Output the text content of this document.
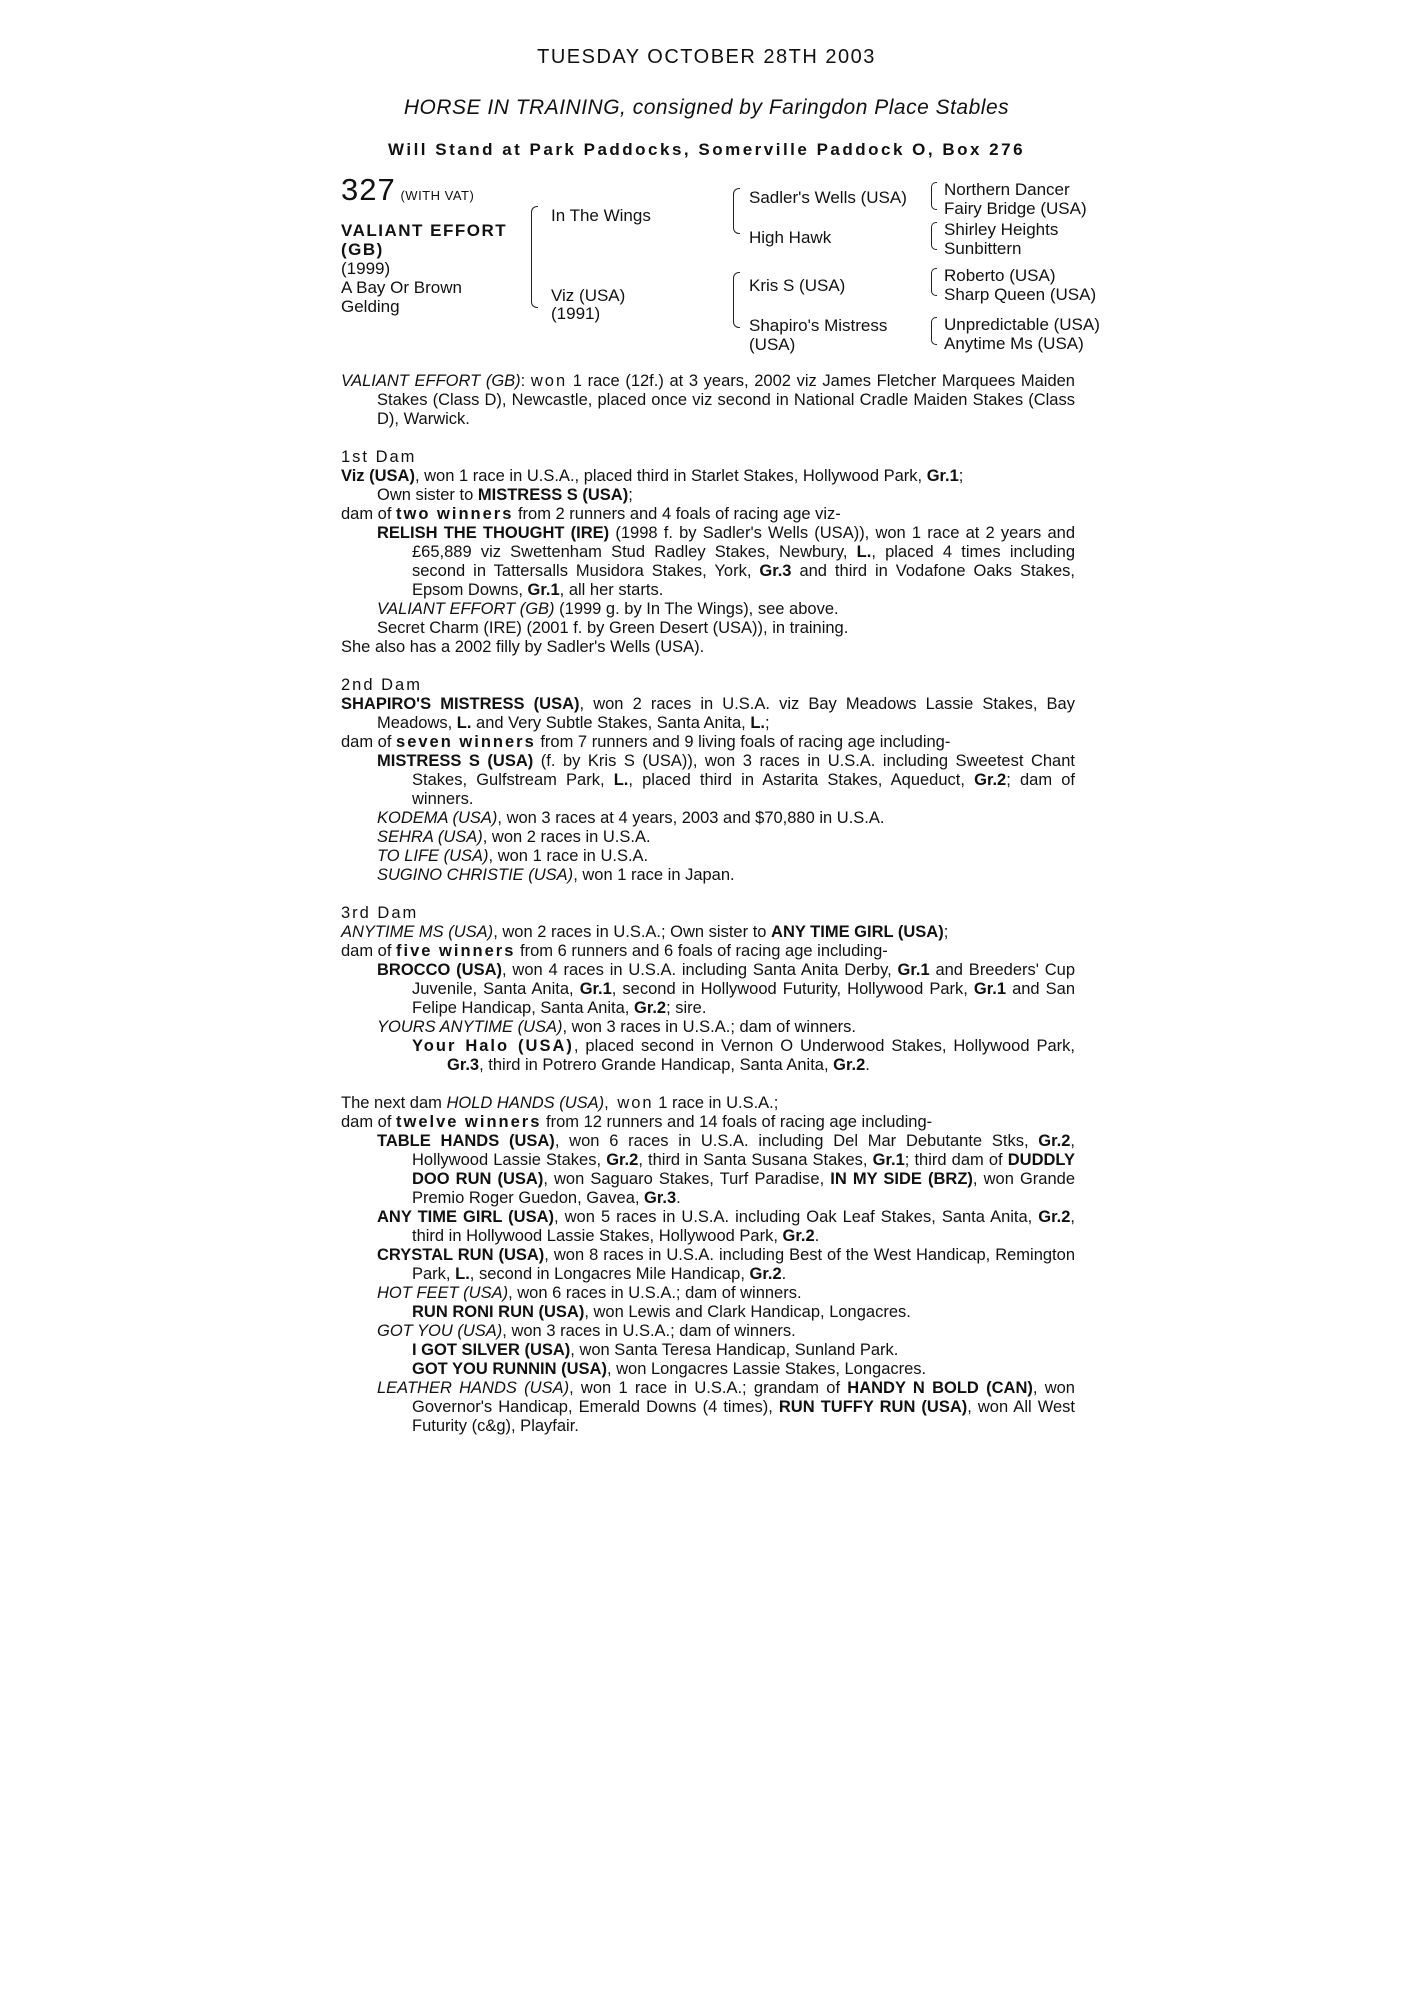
TUESDAY OCTOBER 28TH 2003
HORSE IN TRAINING, consigned by Faringdon Place Stables
Will Stand at Park Paddocks, Somerville Paddock O, Box 276
327 (WITH VAT)
VALIANT EFFORT
(GB)
(1999)
A Bay Or Brown
Gelding
In The Wings
Viz (USA)
(1991)
Sadler's Wells (USA)
High Hawk
Kris S (USA)
Shapiro's Mistress
(USA)
Northern Dancer
Fairy Bridge (USA)
Shirley Heights
Sunbittern
Roberto (USA)
Sharp Queen (USA)
Unpredictable (USA)
Anytime Ms (USA)

VALIANT EFFORT (GB): won 1 race (12f.) at 3 years, 2002 viz James Fletcher Marquees Maiden Stakes (Class D), Newcastle, placed once viz second in National Cradle Maiden Stakes (Class D), Warwick.

1st Dam

Viz (USA), won 1 race in U.S.A., placed third in Starlet Stakes, Hollywood Park, Gr.1;

Own sister to MISTRESS S (USA);

dam of two winners from 2 runners and 4 foals of racing age viz-

RELISH THE THOUGHT (IRE) (1998 f. by Sadler's Wells (USA)), won 1 race at 2 years and £65,889 viz Swettenham Stud Radley Stakes, Newbury, L., placed 4 times including second in Tattersalls Musidora Stakes, York, Gr.3 and third in Vodafone Oaks Stakes, Epsom Downs, Gr.1, all her starts.

VALIANT EFFORT (GB) (1999 g. by In The Wings), see above.

Secret Charm (IRE) (2001 f. by Green Desert (USA)), in training.

She also has a 2002 filly by Sadler's Wells (USA).

2nd Dam

SHAPIRO'S MISTRESS (USA), won 2 races in U.S.A. viz Bay Meadows Lassie Stakes, Bay Meadows, L. and Very Subtle Stakes, Santa Anita, L.;

dam of seven winners from 7 runners and 9 living foals of racing age including-

MISTRESS S (USA) (f. by Kris S (USA)), won 3 races in U.S.A. including Sweetest Chant Stakes, Gulfstream Park, L., placed third in Astarita Stakes, Aqueduct, Gr.2; dam of winners.

KODEMA (USA), won 3 races at 4 years, 2003 and $70,880 in U.S.A.

SEHRA (USA), won 2 races in U.S.A.

TO LIFE (USA), won 1 race in U.S.A.

SUGINO CHRISTIE (USA), won 1 race in Japan.

3rd Dam

ANYTIME MS (USA), won 2 races in U.S.A.; Own sister to ANY TIME GIRL (USA);

dam of five winners from 6 runners and 6 foals of racing age including-

BROCCO (USA), won 4 races in U.S.A. including Santa Anita Derby, Gr.1 and Breeders' Cup Juvenile, Santa Anita, Gr.1, second in Hollywood Futurity, Hollywood Park, Gr.1 and San Felipe Handicap, Santa Anita, Gr.2; sire.

YOURS ANYTIME (USA), won 3 races in U.S.A.; dam of winners.

Your Halo (USA), placed second in Vernon O Underwood Stakes, Hollywood Park, Gr.3, third in Potrero Grande Handicap, Santa Anita, Gr.2.

The next dam HOLD HANDS (USA), won 1 race in U.S.A.;

dam of twelve winners from 12 runners and 14 foals of racing age including-

TABLE HANDS (USA), won 6 races in U.S.A. including Del Mar Debutante Stks, Gr.2, Hollywood Lassie Stakes, Gr.2, third in Santa Susana Stakes, Gr.1; third dam of DUDDLY DOO RUN (USA), won Saguaro Stakes, Turf Paradise, IN MY SIDE (BRZ), won Grande Premio Roger Guedon, Gavea, Gr.3.

ANY TIME GIRL (USA), won 5 races in U.S.A. including Oak Leaf Stakes, Santa Anita, Gr.2, third in Hollywood Lassie Stakes, Hollywood Park, Gr.2.

CRYSTAL RUN (USA), won 8 races in U.S.A. including Best of the West Handicap, Remington Park, L., second in Longacres Mile Handicap, Gr.2.

HOT FEET (USA), won 6 races in U.S.A.; dam of winners.

RUN RONI RUN (USA), won Lewis and Clark Handicap, Longacres.

GOT YOU (USA), won 3 races in U.S.A.; dam of winners.

I GOT SILVER (USA), won Santa Teresa Handicap, Sunland Park.

GOT YOU RUNNIN (USA), won Longacres Lassie Stakes, Longacres.

LEATHER HANDS (USA), won 1 race in U.S.A.; grandam of HANDY N BOLD (CAN), won Governor's Handicap, Emerald Downs (4 times), RUN TUFFY RUN (USA), won All West Futurity (c&g), Playfair.
